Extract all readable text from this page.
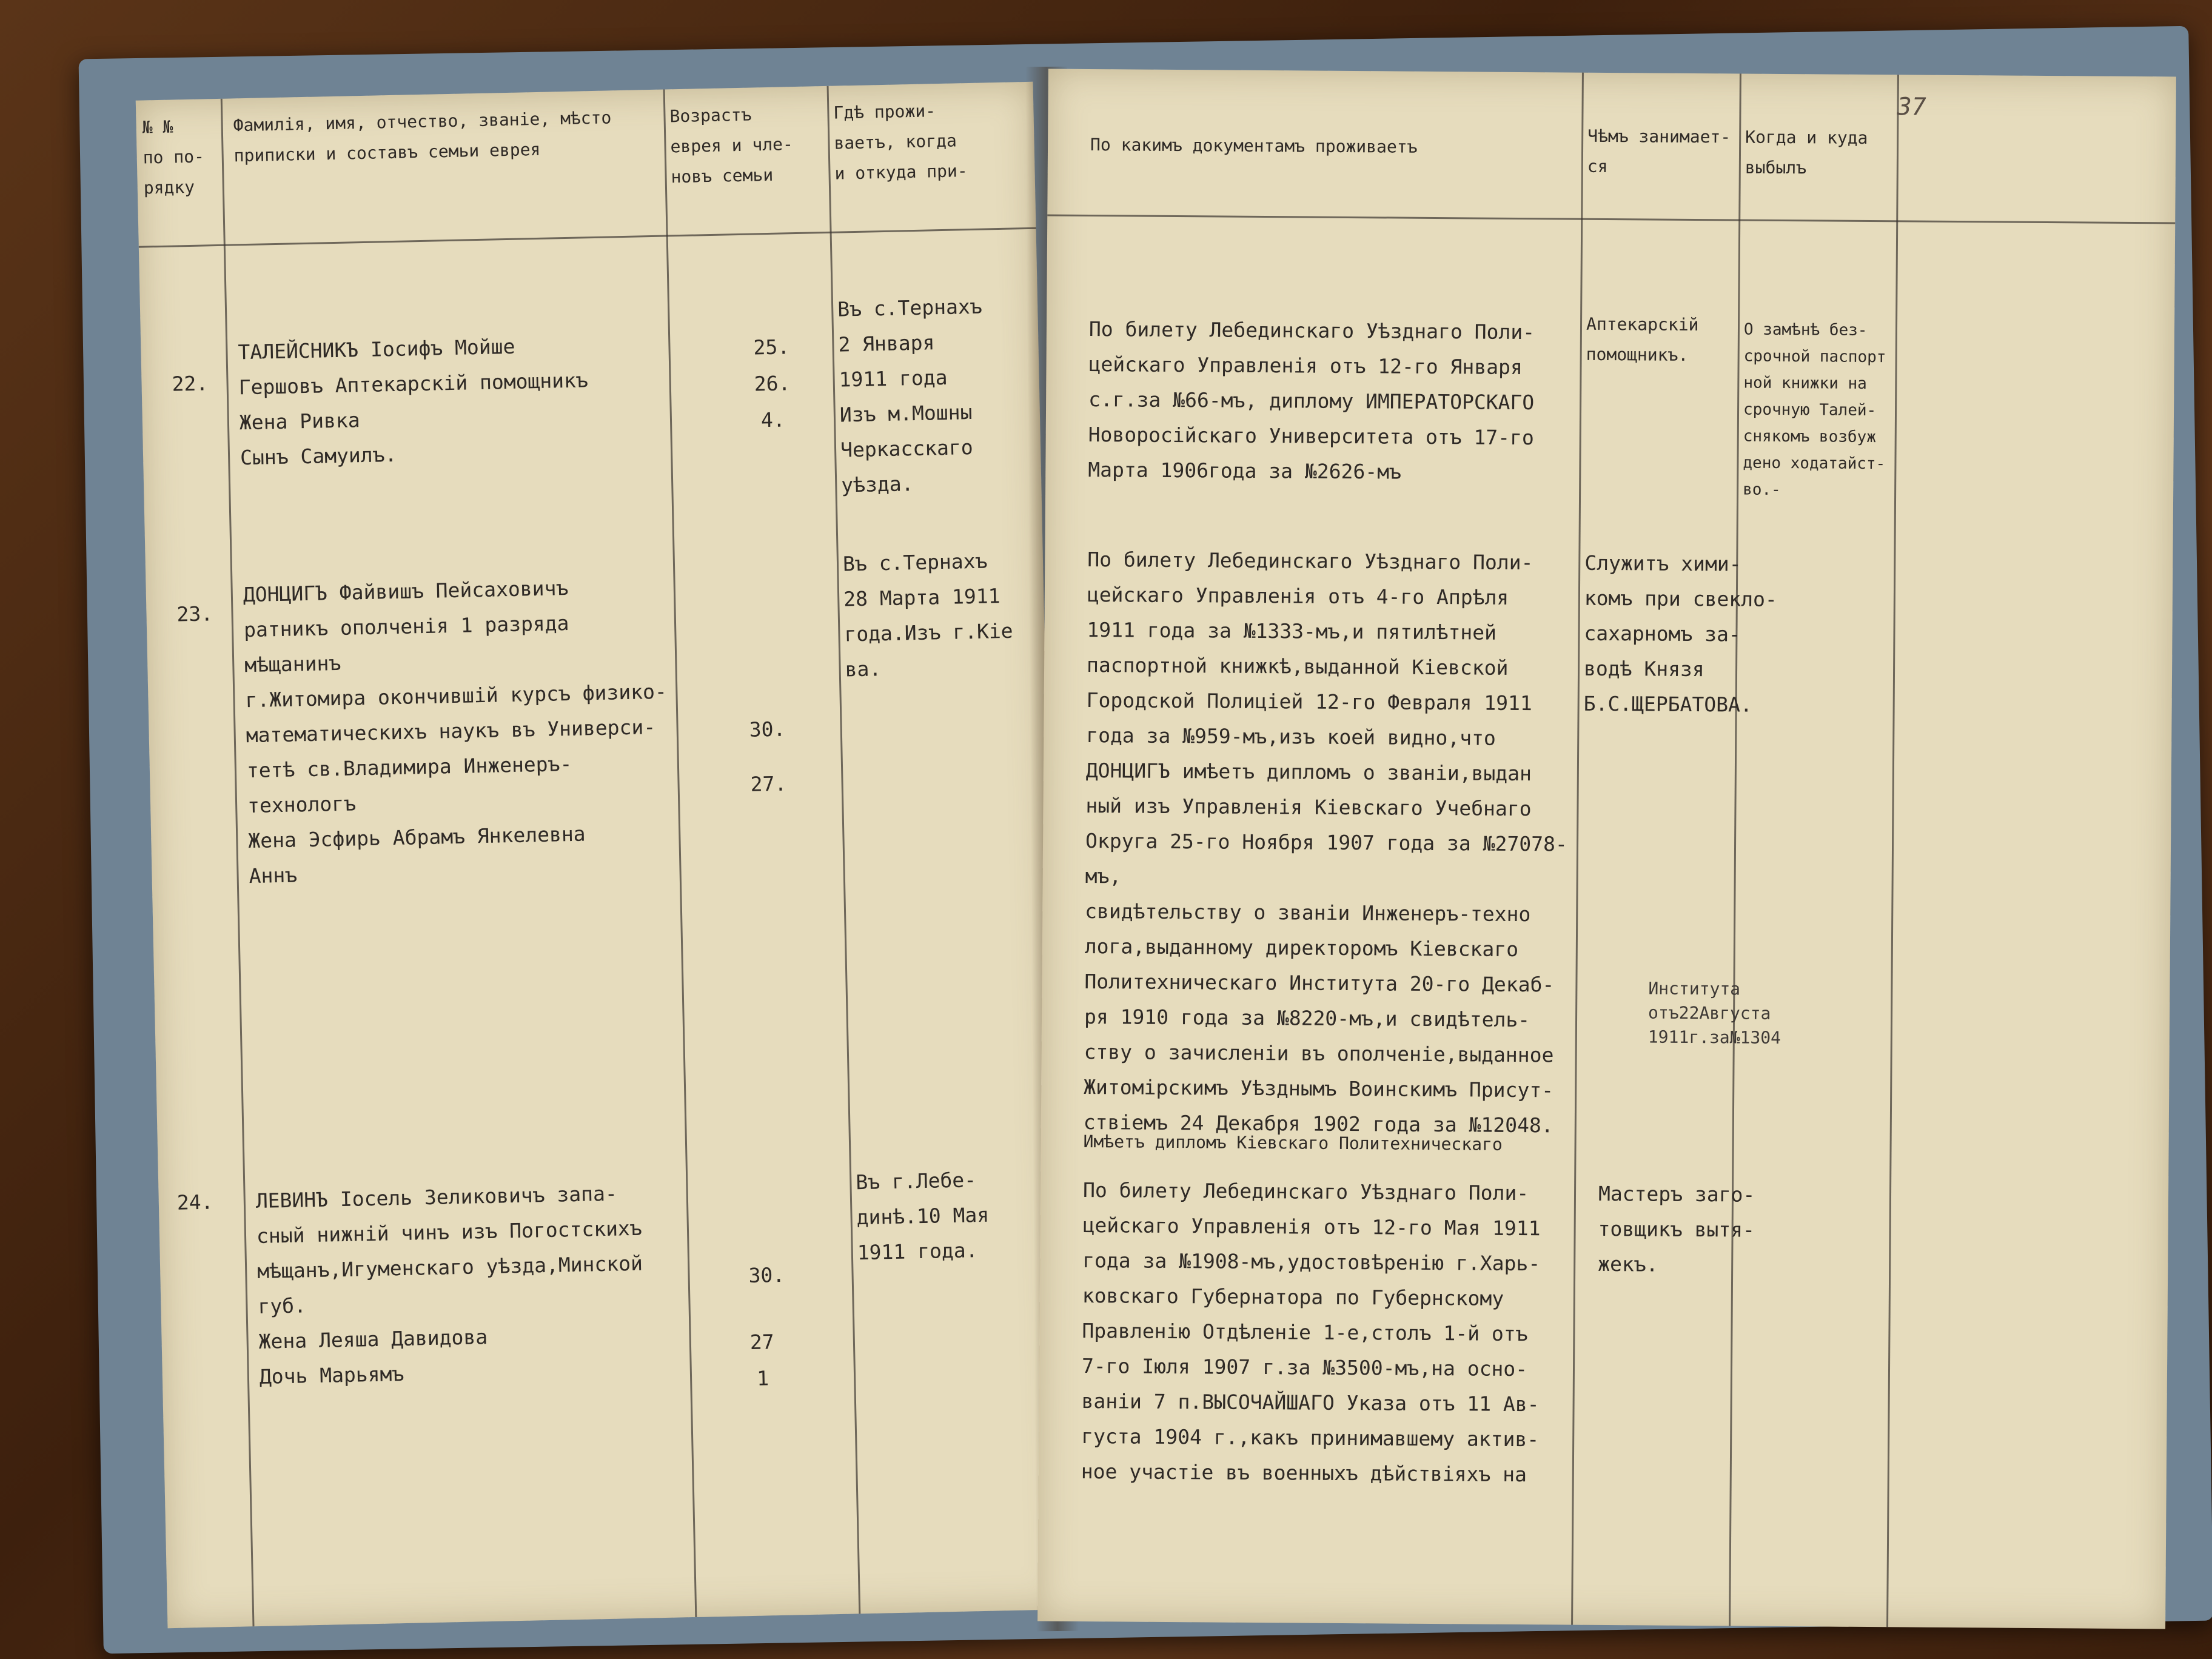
№ №
по по-
рядку
Фамилія, имя, отчество, званіе, мѣсто
приписки и составъ семьи еврея
Возрастъ
еврея и чле-
новъ семьи
Гдѣ прожи-
ваетъ, когда
и откуда при-
22.
ТАЛЕЙСНИКЪ Іосифъ Мойше
Гершовъ Аптекарскій помощникъ
Жена Ривка
Сынъ Самуилъ.
25.
26.
4.
Въ с.Тернахъ
2 Января
1911 года
Изъ м.Мошны
Черкасскаго
уѣзда.
23.
ДОНЦИГЪ Файвишъ Пейсаховичъ
ратникъ ополченія 1 разряда мѣщанинъ
г.Житомира окончившій курсъ физико-
математическихъ наукъ въ Универси-
тетѣ св.Владимира Инженеръ-технологъ
Жена Эсфирь Абрамъ Янкелевна
Аннъ
30.
27.
Въ с.Тернахъ
28 Марта 1911
года.Изъ г.Кіе
ва.
24. ЛЕВИНЪ Іосель Зеликовичъ запа-
сный нижній чинъ изъ Погостскихъ
мѣщанъ,Игуменскаго уѣзда,Минской губ.
Жена Леяша Давидова
Дочь Марьямъ
30.
27
1
Въ г.Лебе-
динѣ.10 Мая
1911 года.
По какимъ документамъ проживаетъ	Чѣмъ занимает-
ся
Когда и куда
выбылъ
37
По билету Лебединскаго Уѣзднаго Поли-
цейскаго Управленія отъ 12-го Января
с.г.за №66-мъ, диплому ИМПЕРАТОРСКАГО
Новоросійскаго Университета отъ 17-го
Марта 1906года за №2626-мъ
Аптекарскій
помощникъ.
О замѣнѣ без-
срочной паспорт
ной книжки на
срочную Талей-
снякомъ возбуж
дено ходатайст-
во.-
По билету Лебединскаго Уѣзднаго Поли-
цейскаго Управленія отъ 4-го Апрѣля
1911 года за №1333-мъ,и пятилѣтней
паспортной книжкѣ,выданной Кіевской
Городской Полиціей 12-го Февраля 1911
года за №959-мъ,изъ коей видно,что
ДОНЦИГЪ имѣетъ дипломъ о званіи,выдан
ный изъ Управленія Кіевскаго Учебнаго
Округа 25-го Ноября 1907 года за №27078-мъ,
свидѣтельству о званіи Инженеръ-техно
лога,выданному директоромъ Кіевскаго
Политехническаго Института 20-го Декаб-
ря 1910 года за №8220-мъ,и свидѣтель-
ству о зачисленіи въ ополченіе,выданное
Житомірскимъ Уѣзднымъ Воинскимъ Присут-
ствіемъ 24 Декабря 1902 года за №12048.
Служитъ хими-
комъ при свекло-
сахарномъ за-
водѣ Князя
Б.С.ЩЕРБАТОВА.
Института
отъ22Августа
1911г.за№1304
Имѣетъ дипломъ Кіевскаго Политехническаго
По билету Лебединскаго Уѣзднаго Поли-
цейскаго Управленія отъ 12-го Мая 1911
года за №1908-мъ,удостовѣренію г.Харь-
ковскаго Губернатора по Губернскому
Правленію Отдѣленіе 1-е,столъ 1-й отъ
7-го Іюля 1907 г.за №3500-мъ,на осно-
ваніи 7 п.ВЫСОЧАЙШАГО Указа отъ 11 Ав-
густа 1904 г.,какъ принимавшему актив-
ное участіе въ военныхъ дѣйствіяхъ на
Мастеръ заго-
товщикъ вытя-
жекъ.
